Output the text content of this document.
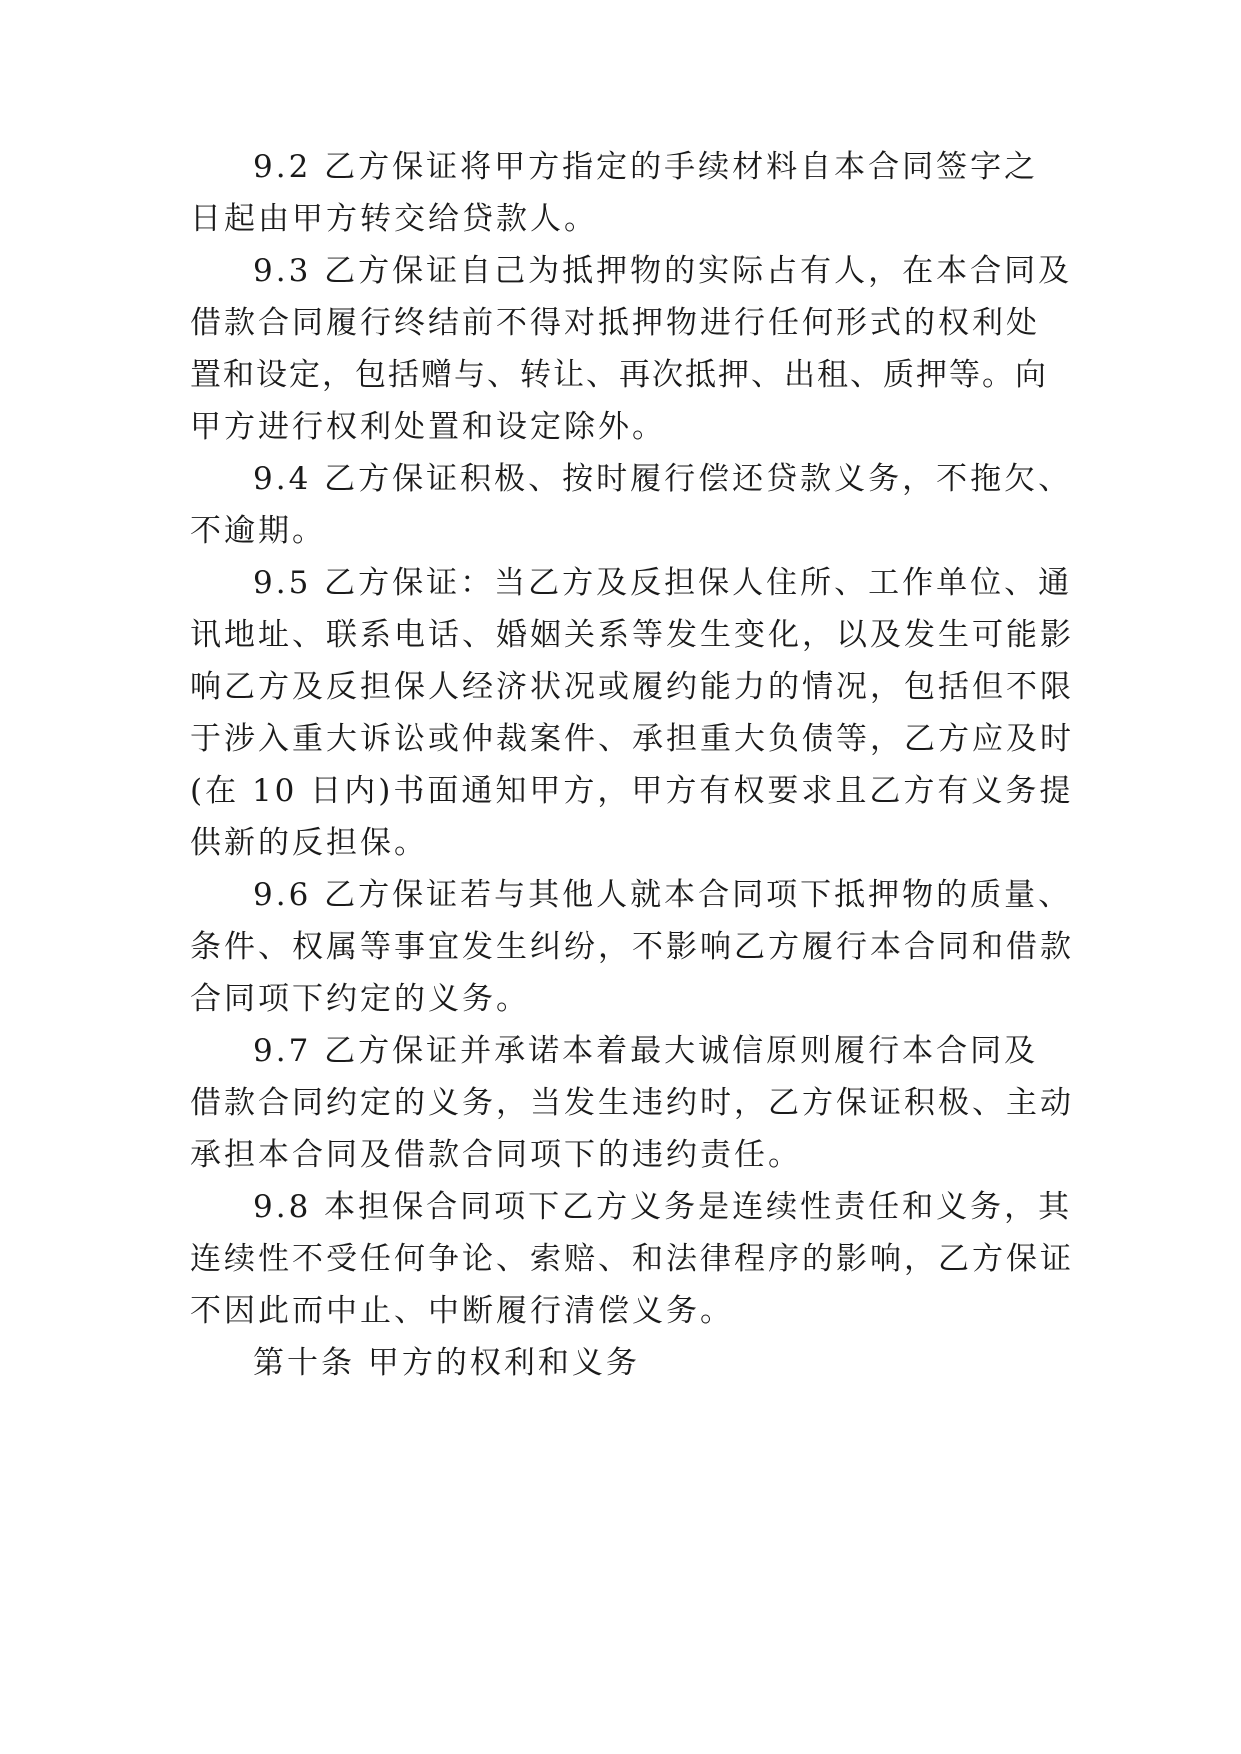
9.2 乙方保证将甲方指定的手续材料自本合同签字之
日起由甲方转交给贷款人。
9.3 乙方保证自己为抵押物的实际占有人，在本合同及
借款合同履行终结前不得对抵押物进行任何形式的权利处
置和设定，包括赠与、转让、再次抵押、出租、质押等。向
甲方进行权利处置和设定除外。
9.4 乙方保证积极、按时履行偿还贷款义务，不拖欠、
不逾期。
9.5 乙方保证：当乙方及反担保人住所、工作单位、通
讯地址、联系电话、婚姻关系等发生变化，以及发生可能影
响乙方及反担保人经济状况或履约能力的情况，包括但不限
于涉入重大诉讼或仲裁案件、承担重大负债等，乙方应及时
(在 10 日内)书面通知甲方，甲方有权要求且乙方有义务提
供新的反担保。
9.6 乙方保证若与其他人就本合同项下抵押物的质量、
条件、权属等事宜发生纠纷，不影响乙方履行本合同和借款
合同项下约定的义务。
9.7 乙方保证并承诺本着最大诚信原则履行本合同及
借款合同约定的义务，当发生违约时，乙方保证积极、主动
承担本合同及借款合同项下的违约责任。
9.8 本担保合同项下乙方义务是连续性责任和义务，其
连续性不受任何争论、索赔、和法律程序的影响，乙方保证
不因此而中止、中断履行清偿义务。
第十条 甲方的权利和义务
